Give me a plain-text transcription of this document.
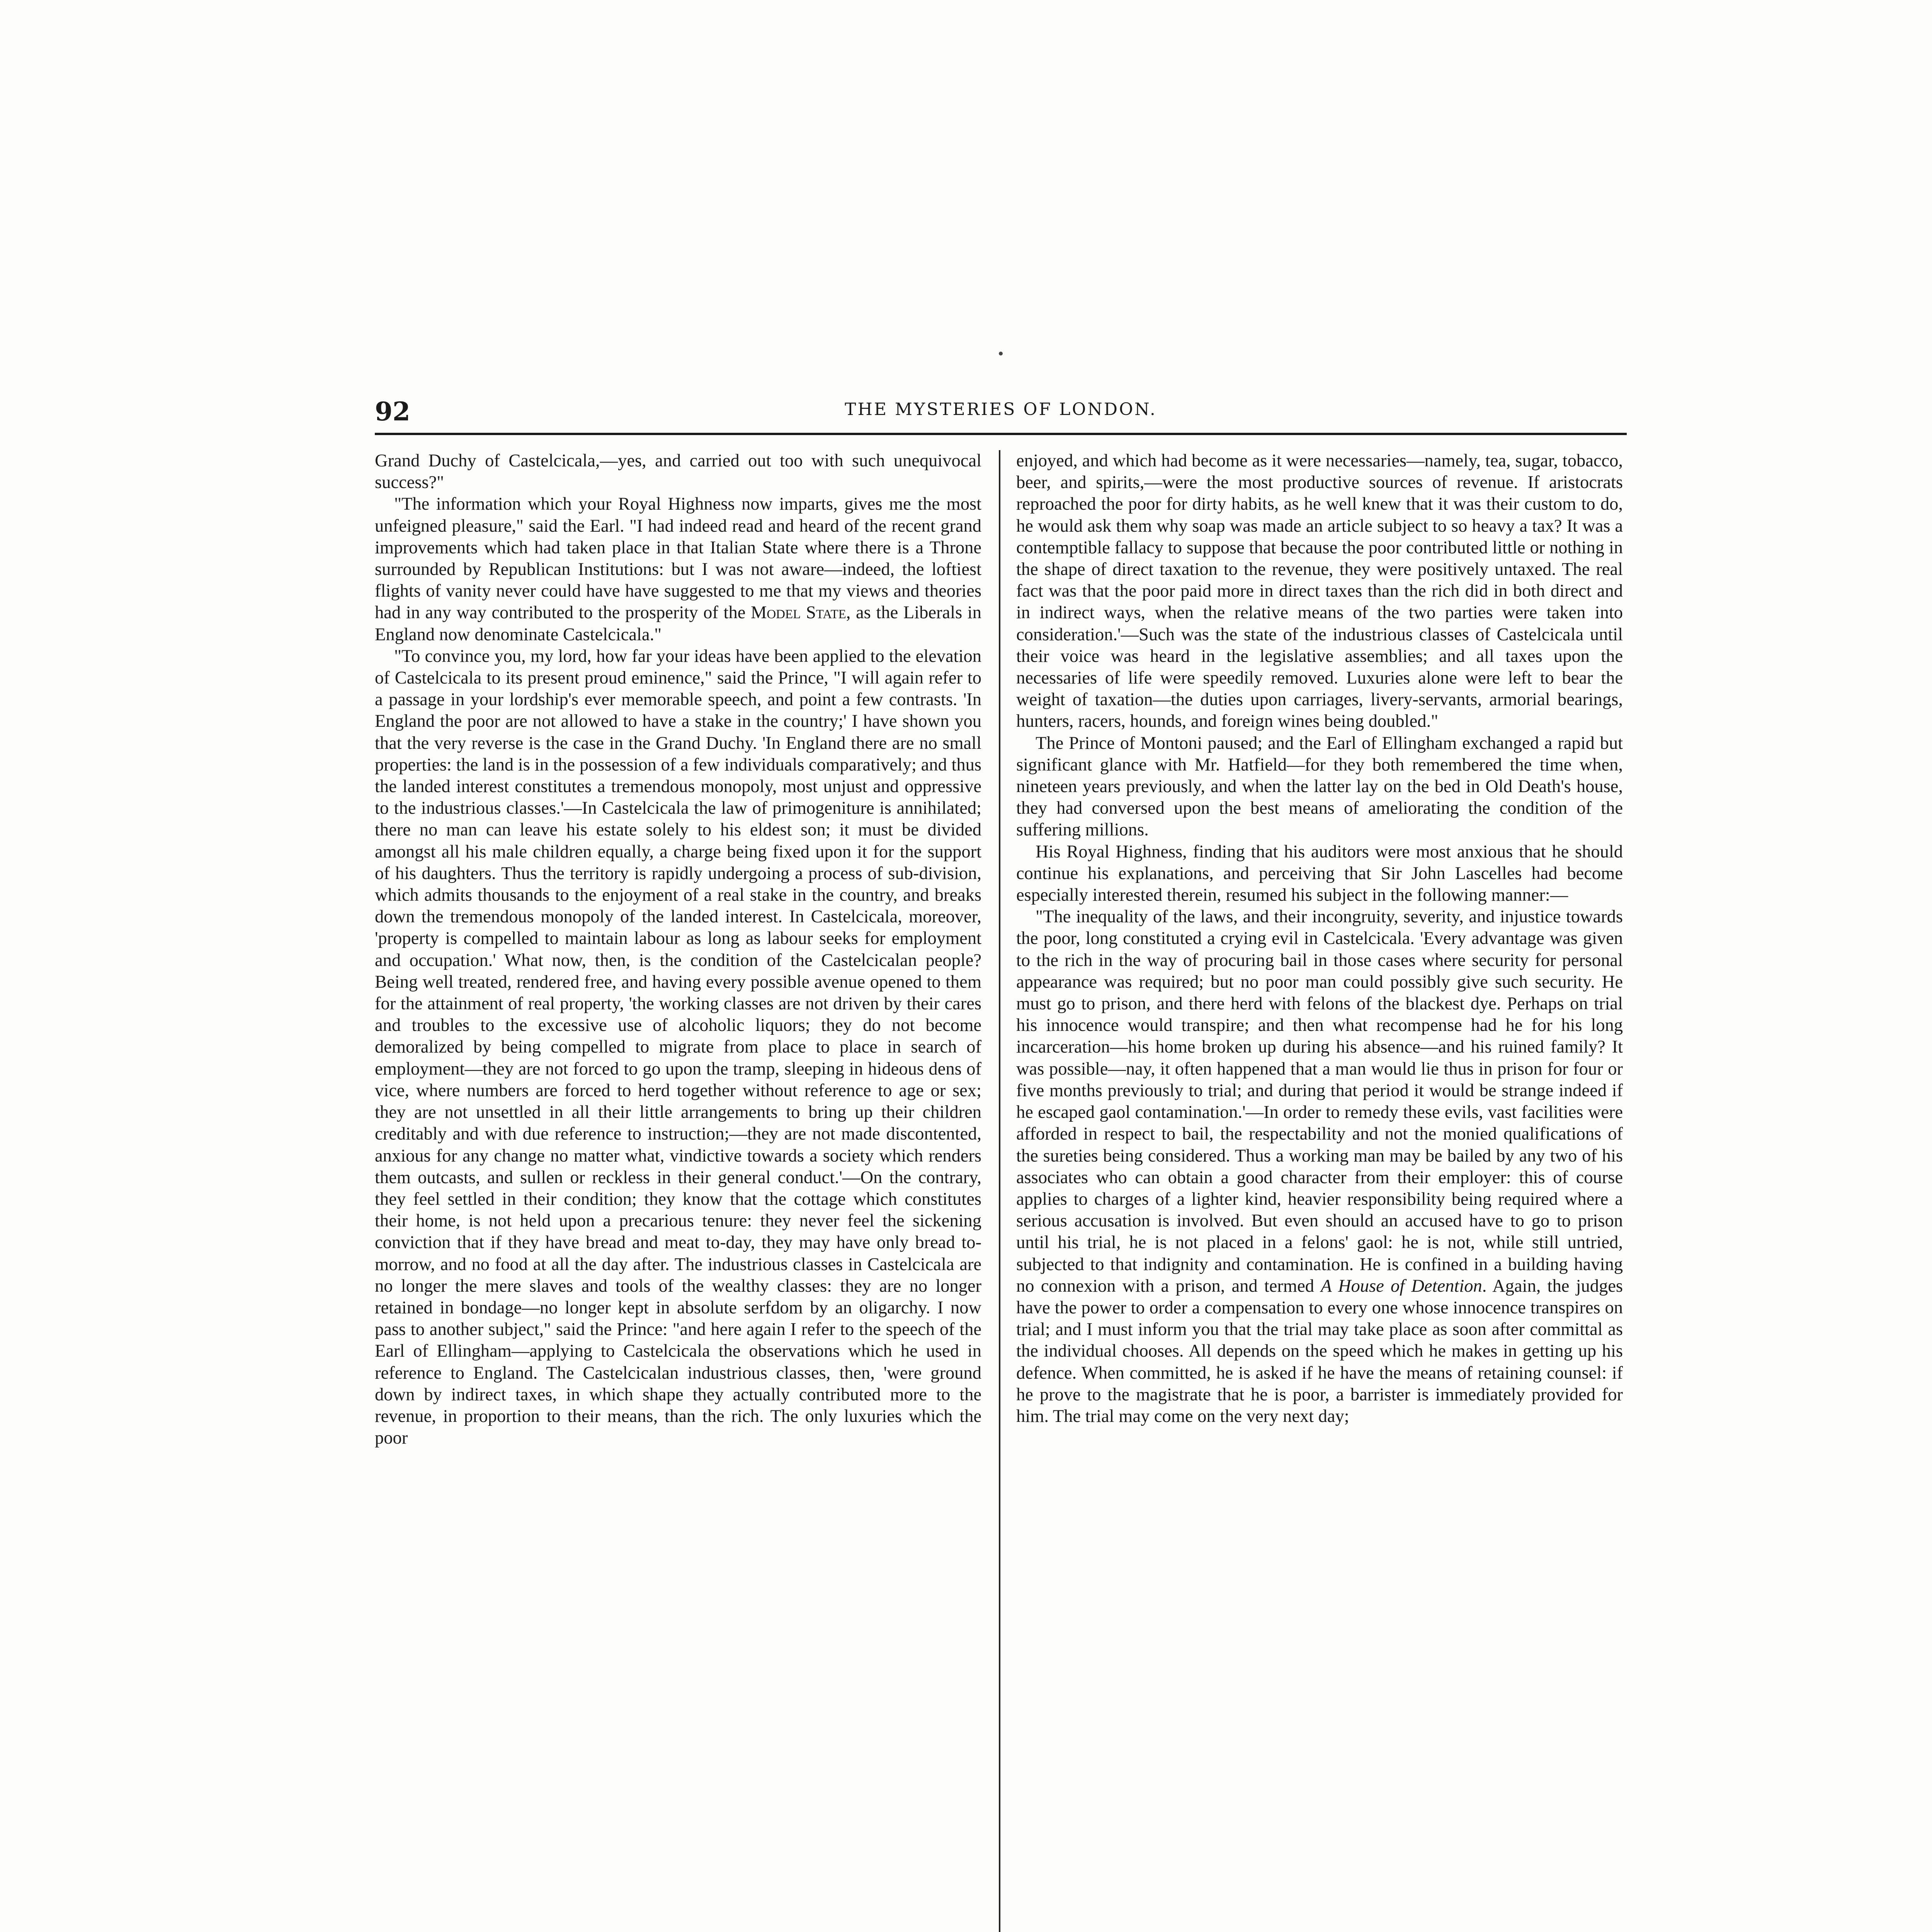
92	THE MYSTERIES OF LONDON.

Grand Duchy of Castelcicala,—yes, and carried out too with such unequivocal success?"

"The information which your Royal Highness now imparts, gives me the most unfeigned pleasure," said the Earl. "I had indeed read and heard of the recent grand improvements which had taken place in that Italian State where there is a Throne surrounded by Republican Institutions: but I was not aware—indeed, the loftiest flights of vanity never could have have suggested to me that my views and theories had in any way contributed to the prosperity of the Model State, as the Liberals in England now denominate Castelcicala."

"To convince you, my lord, how far your ideas have been applied to the elevation of Castelcicala to its present proud eminence," said the Prince, "I will again refer to a passage in your lordship's ever memorable speech, and point a few contrasts. 'In England the poor are not allowed to have a stake in the country;' I have shown you that the very reverse is the case in the Grand Duchy. 'In England there are no small properties: the land is in the possession of a few individuals comparatively; and thus the landed interest constitutes a tremendous monopoly, most unjust and oppressive to the industrious classes.'—In Castelcicala the law of primogeniture is annihilated; there no man can leave his estate solely to his eldest son; it must be divided amongst all his male children equally, a charge being fixed upon it for the support of his daughters. Thus the territory is rapidly undergoing a process of sub-division, which admits thousands to the enjoyment of a real stake in the country, and breaks down the tremendous monopoly of the landed interest. In Castelcicala, moreover, 'property is compelled to maintain labour as long as labour seeks for employment and occupation.' What now, then, is the condition of the Castelcicalan people? Being well treated, rendered free, and having every possible avenue opened to them for the attainment of real property, 'the working classes are not driven by their cares and troubles to the excessive use of alcoholic liquors; they do not become demoralized by being compelled to migrate from place to place in search of employment—they are not forced to go upon the tramp, sleeping in hideous dens of vice, where numbers are forced to herd together without reference to age or sex; they are not unsettled in all their little arrangements to bring up their children creditably and with due reference to instruction;—they are not made discontented, anxious for any change no matter what, vindictive towards a society which renders them outcasts, and sullen or reckless in their general conduct.'—On the contrary, they feel settled in their condition; they know that the cottage which constitutes their home, is not held upon a precarious tenure: they never feel the sickening conviction that if they have bread and meat to-day, they may have only bread to-morrow, and no food at all the day after. The industrious classes in Castelcicala are no longer the mere slaves and tools of the wealthy classes: they are no longer retained in bondage—no longer kept in absolute serfdom by an oligarchy. I now pass to another subject," said the Prince: "and here again I refer to the speech of the Earl of Ellingham—applying to Castelcicala the observations which he used in reference to England. The Castelcicalan industrious classes, then, 'were ground down by indirect taxes, in which shape they actually contributed more to the revenue, in proportion to their means, than the rich. The only luxuries which the poor

enjoyed, and which had become as it were necessaries—namely, tea, sugar, tobacco, beer, and spirits,—were the most productive sources of revenue. If aristocrats reproached the poor for dirty habits, as he well knew that it was their custom to do, he would ask them why soap was made an article subject to so heavy a tax? It was a contemptible fallacy to suppose that because the poor contributed little or nothing in the shape of direct taxation to the revenue, they were positively untaxed. The real fact was that the poor paid more in direct taxes than the rich did in both direct and in indirect ways, when the relative means of the two parties were taken into consideration.'—Such was the state of the industrious classes of Castelcicala until their voice was heard in the legislative assemblies; and all taxes upon the necessaries of life were speedily removed. Luxuries alone were left to bear the weight of taxation—the duties upon carriages, livery-servants, armorial bearings, hunters, racers, hounds, and foreign wines being doubled."

The Prince of Montoni paused; and the Earl of Ellingham exchanged a rapid but significant glance with Mr. Hatfield—for they both remembered the time when, nineteen years previously, and when the latter lay on the bed in Old Death's house, they had conversed upon the best means of ameliorating the condition of the suffering millions.

His Royal Highness, finding that his auditors were most anxious that he should continue his explanations, and perceiving that Sir John Lascelles had become especially interested therein, resumed his subject in the following manner:—

"The inequality of the laws, and their incongruity, severity, and injustice towards the poor, long constituted a crying evil in Castelcicala. 'Every advantage was given to the rich in the way of procuring bail in those cases where security for personal appearance was required; but no poor man could possibly give such security. He must go to prison, and there herd with felons of the blackest dye. Perhaps on trial his innocence would transpire; and then what recompense had he for his long incarceration—his home broken up during his absence—and his ruined family? It was possible—nay, it often happened that a man would lie thus in prison for four or five months previously to trial; and during that period it would be strange indeed if he escaped gaol contamination.'—In order to remedy these evils, vast facilities were afforded in respect to bail, the respectability and not the monied qualifications of the sureties being considered. Thus a working man may be bailed by any two of his associates who can obtain a good character from their employer: this of course applies to charges of a lighter kind, heavier responsibility being required where a serious accusation is involved. But even should an accused have to go to prison until his trial, he is not placed in a felons' gaol: he is not, while still untried, subjected to that indignity and contamination. He is confined in a building having no connexion with a prison, and termed A House of Detention. Again, the judges have the power to order a compensation to every one whose innocence transpires on trial; and I must inform you that the trial may take place as soon after committal as the individual chooses. All depends on the speed which he makes in getting up his defence. When committed, he is asked if he have the means of retaining counsel: if he prove to the magistrate that he is poor, a barrister is immediately provided for him. The trial may come on the very next day;
